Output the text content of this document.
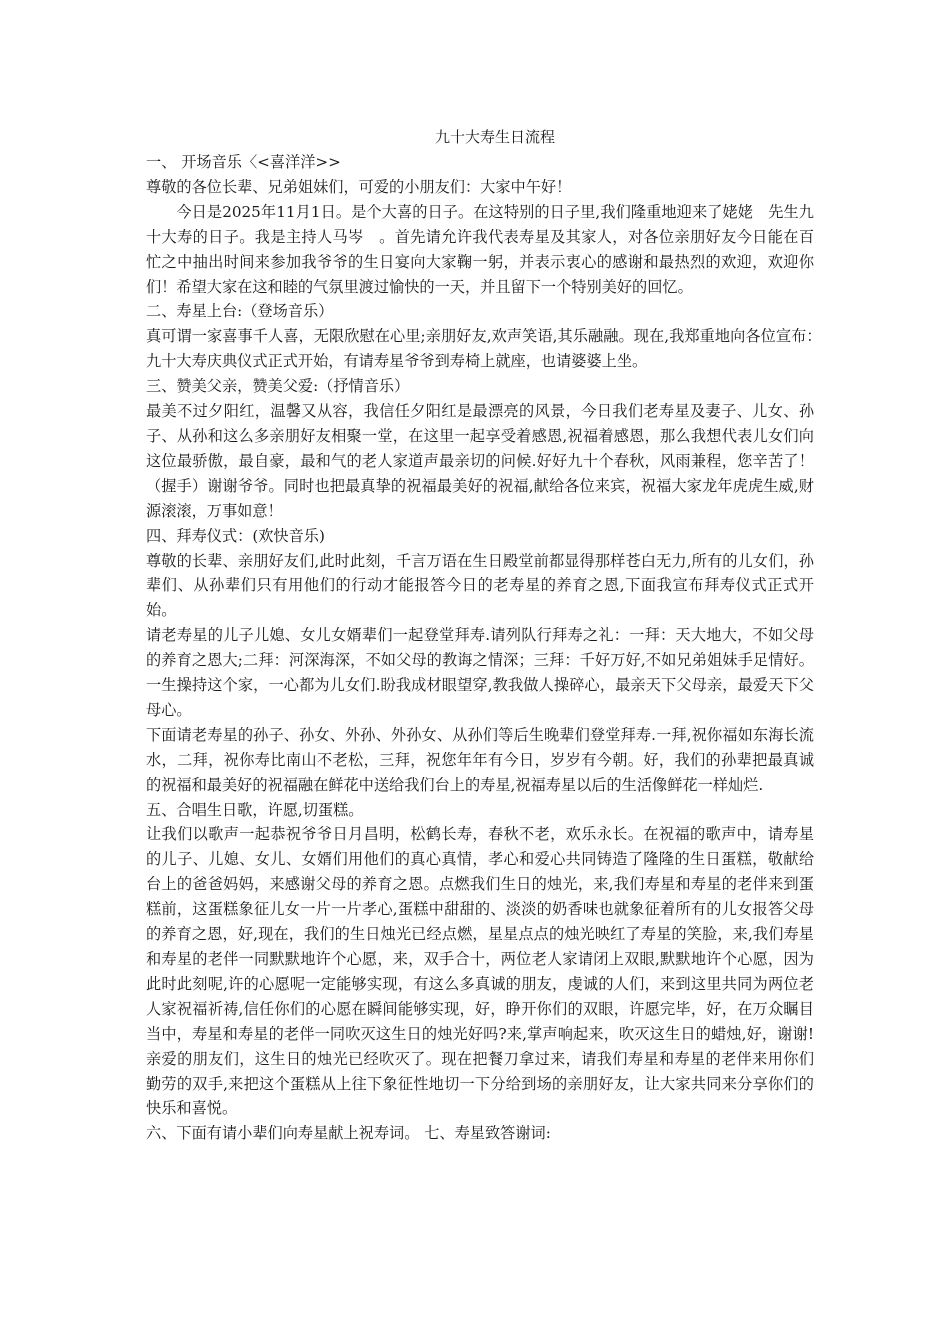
九十大寿生日流程

一、 开场音乐〈<喜洋洋>>

尊敬的各位长辈、兄弟姐妹们，可爱的小朋友们：大家中午好！

今日是2025年11月1日。是个大喜的日子。在这特别的日子里,我们隆重地迎来了姥姥　先生九十大寿的日子。我是主持人马岑　。首先请允许我代表寿星及其家人，对各位亲朋好友今日能在百忙之中抽出时间来参加我爷爷的生日宴向大家鞠一躬，并表示衷心的感谢和最热烈的欢迎，欢迎你们！希望大家在这和睦的气氛里渡过愉快的一天，并且留下一个特别美好的回忆。

二、寿星上台:（登场音乐）

真可谓一家喜事千人喜，无限欣慰在心里;亲朋好友,欢声笑语,其乐融融。现在,我郑重地向各位宣布：　　九十大寿庆典仪式正式开始，有请寿星爷爷到寿椅上就座，也请婆婆上坐。

三、赞美父亲，赞美父爱:（抒情音乐）

最美不过夕阳红，温馨又从容，我信任夕阳红是最漂亮的风景，今日我们老寿星及妻子、儿女、孙子、从孙和这么多亲朋好友相聚一堂，在这里一起享受着感恩,祝福着感恩，那么我想代表儿女们向这位最骄傲，最自豪，最和气的老人家道声最亲切的问候.好好九十个春秋，风雨兼程，您辛苦了！　（握手）谢谢爷爷。同时也把最真挚的祝福最美好的祝福,献给各位来宾，祝福大家龙年虎虎生威,财源滚滚，万事如意！

四、拜寿仪式：(欢快音乐)

尊敬的长辈、亲朋好友们,此时此刻，千言万语在生日殿堂前都显得那样苍白无力,所有的儿女们，孙辈们、从孙辈们只有用他们的行动才能报答今日的老寿星的养育之恩,下面我宣布拜寿仪式正式开始。

请老寿星的儿子儿媳、女儿女婿辈们一起登堂拜寿.请列队行拜寿之礼：一拜：天大地大，不如父母的养育之恩大;二拜：河深海深，不如父母的教诲之情深；三拜：千好万好,不如兄弟姐妹手足情好。一生操持这个家，一心都为儿女们.盼我成材眼望穿,教我做人操碎心，最亲天下父母亲，最爱天下父母心。

下面请老寿星的孙子、孙女、外孙、外孙女、从孙们等后生晚辈们登堂拜寿.一拜,祝你福如东海长流水，二拜，祝你寿比南山不老松，三拜，祝您年年有今日，岁岁有今朝。好，我们的孙辈把最真诚的祝福和最美好的祝福融在鲜花中送给我们台上的寿星,祝福寿星以后的生活像鲜花一样灿烂.

五、合唱生日歌，许愿,切蛋糕。

让我们以歌声一起恭祝爷爷日月昌明，松鹤长寿，春秋不老，欢乐永长。在祝福的歌声中，请寿星的儿子、儿媳、女儿、女婿们用他们的真心真情，孝心和爱心共同铸造了隆隆的生日蛋糕，敬献给台上的爸爸妈妈，来感谢父母的养育之恩。点燃我们生日的烛光，来,我们寿星和寿星的老伴来到蛋糕前，这蛋糕象征儿女一片一片孝心,蛋糕中甜甜的、淡淡的奶香味也就象征着所有的儿女报答父母的养育之恩，好,现在，我们的生日烛光已经点燃，星星点点的烛光映红了寿星的笑脸，来,我们寿星和寿星的老伴一同默默地许个心愿，来，双手合十，两位老人家请闭上双眼,默默地许个心愿，因为此时此刻呢,许的心愿呢一定能够实现，有这么多真诚的朋友，虔诚的人们，来到这里共同为两位老人家祝福祈祷,信任你们的心愿在瞬间能够实现，好，睁开你们的双眼，许愿完毕，好，在万众瞩目当中，寿星和寿星的老伴一同吹灭这生日的烛光好吗?来,掌声响起来，吹灭这生日的蜡烛,好，谢谢!亲爱的朋友们，这生日的烛光已经吹灭了。现在把餐刀拿过来，请我们寿星和寿星的老伴来用你们勤劳的双手,来把这个蛋糕从上往下象征性地切一下分给到场的亲朋好友，让大家共同来分享你们的快乐和喜悦。

六、下面有请小辈们向寿星献上祝寿词。 七、寿星致答谢词:
